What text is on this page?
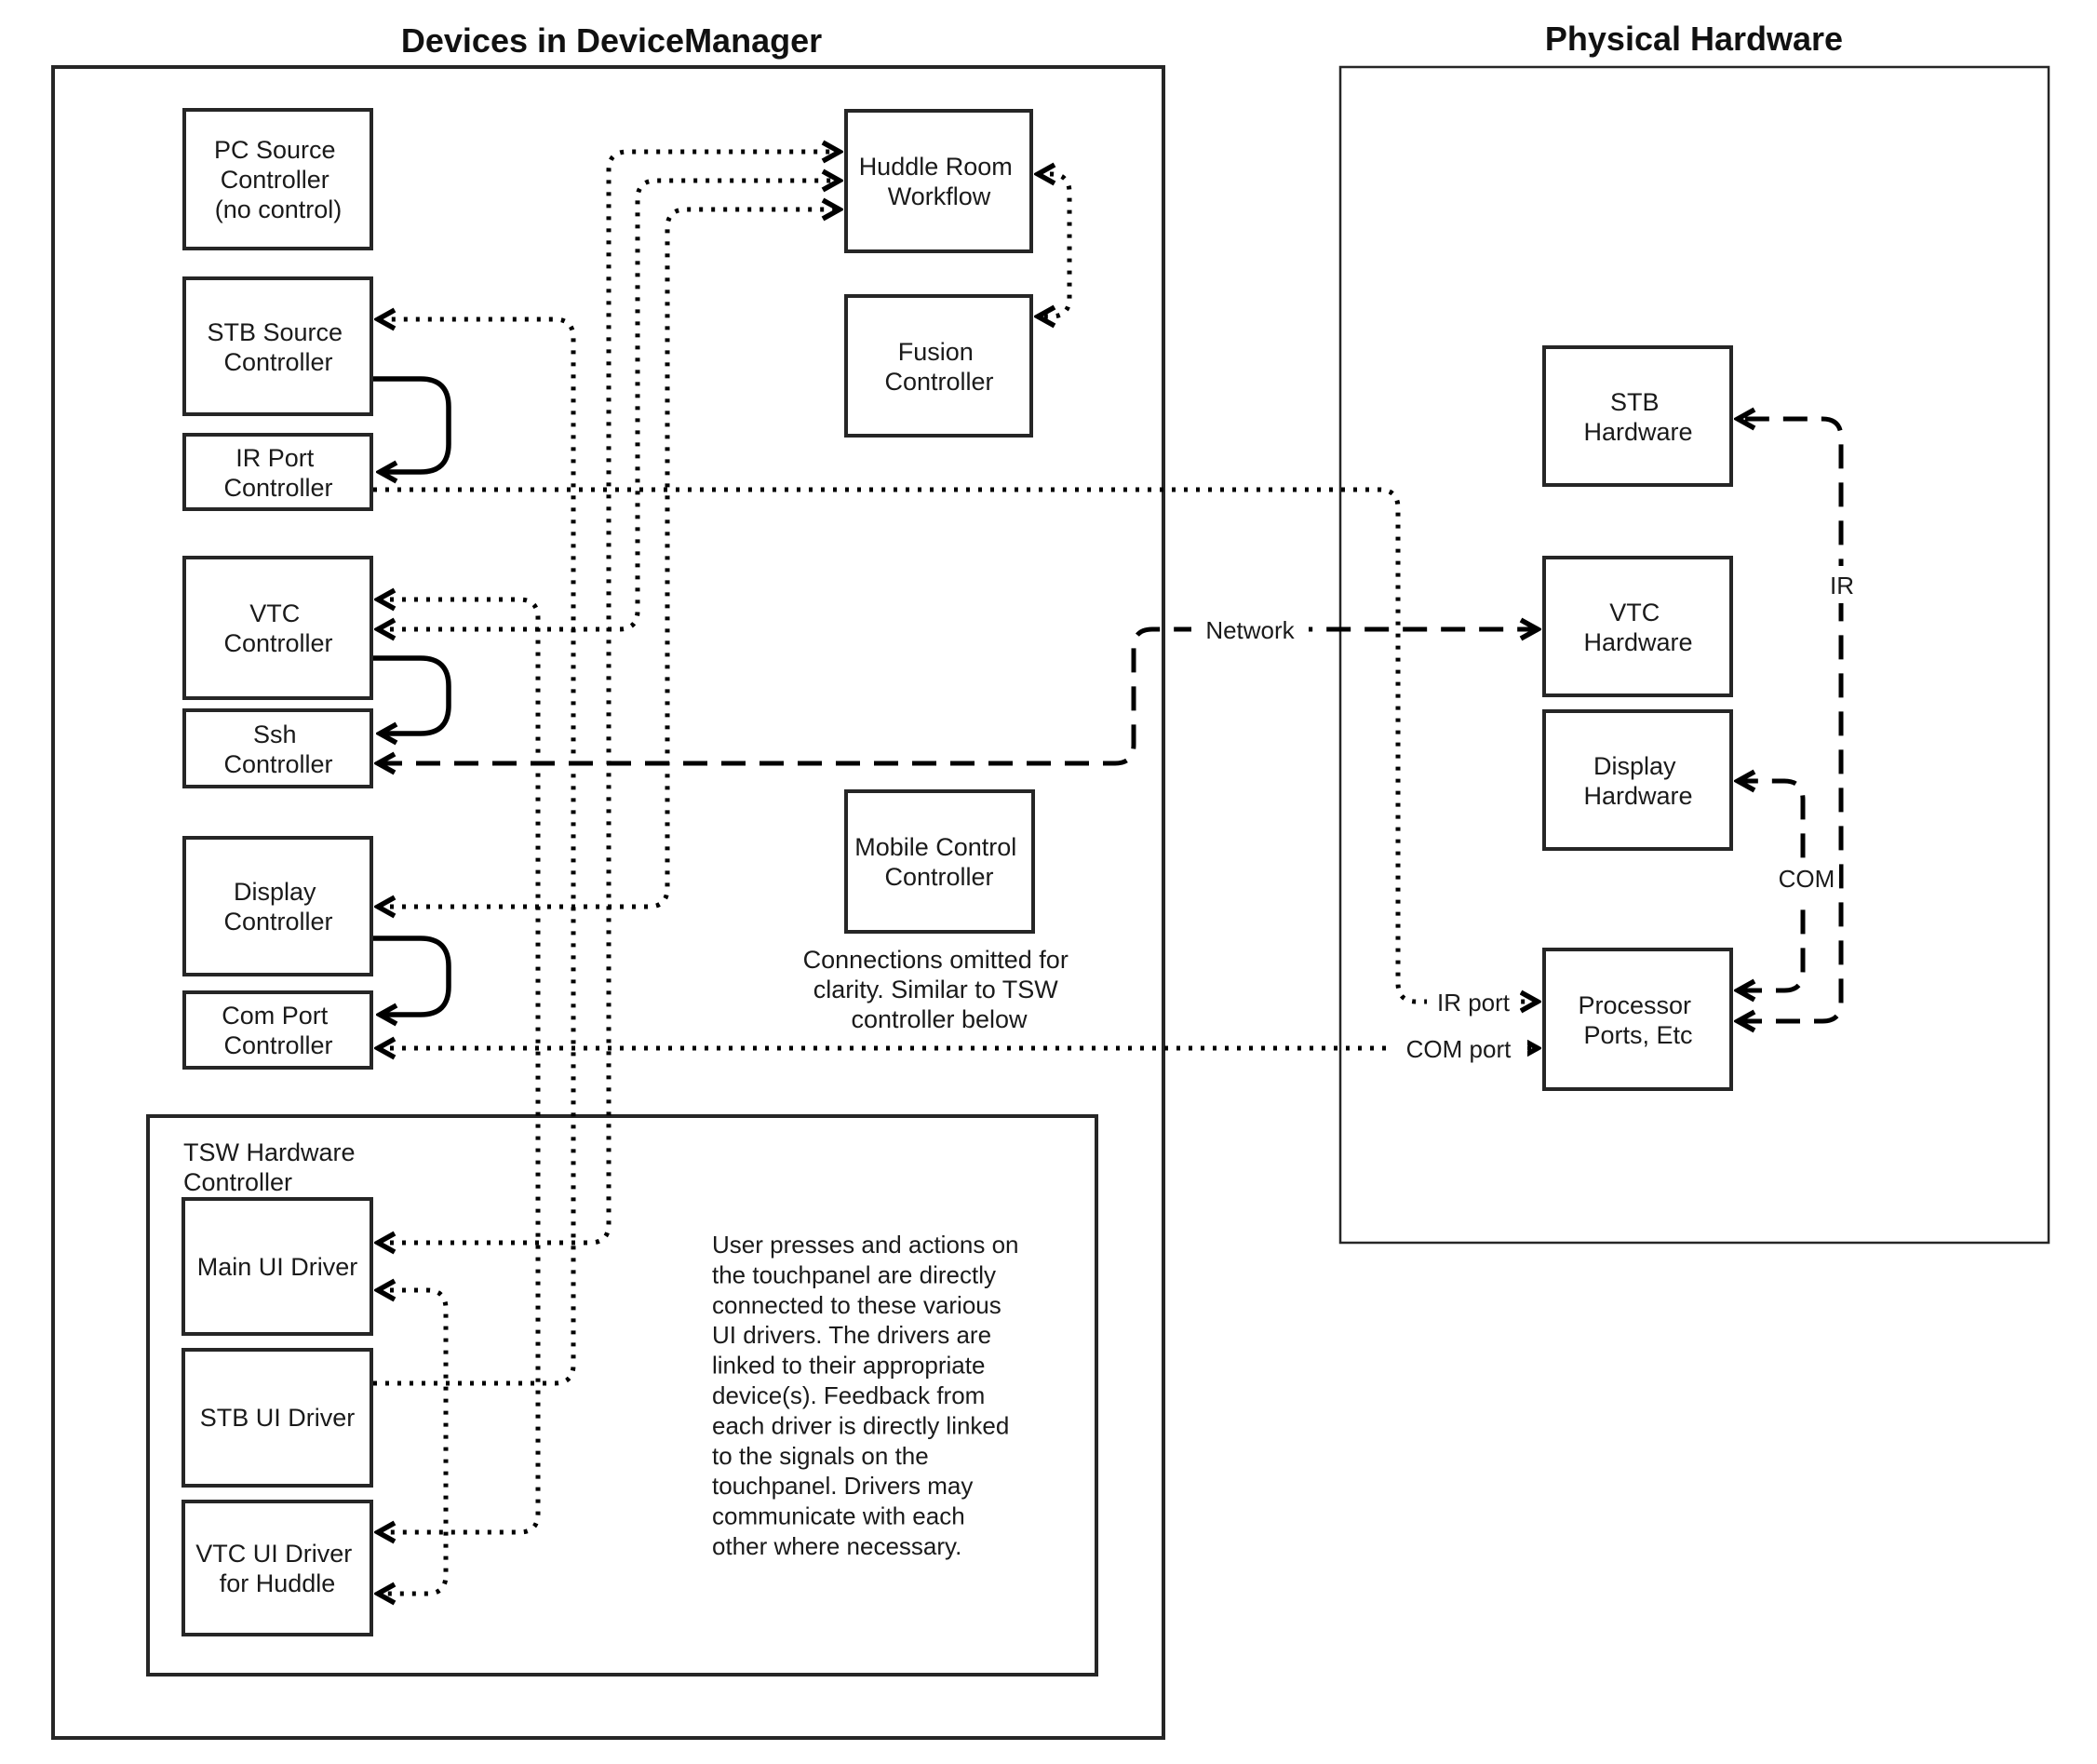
Devices in DeviceManager	Physical Hardware
TSW Hardware Controller
Network
IR
COM
IR port
COM port
PC Source Controller (no control)
STB Source Controller
IR Port Controller
VTC Controller
Ssh Controller
Display Controller
Com Port Controller
Huddle Room Workflow
Fusion Controller
Mobile Control Controller
Connections omitted for clarity. Similar to TSW controller below
Main UI Driver
STB UI Driver
VTC UI Driver for Huddle
User presses and actions on the touchpanel are directly connected to these various UI drivers. The drivers are linked to their appropriate device(s). Feedback from each driver is directly linked to the signals on the touchpanel. Drivers may communicate with each other where necessary.
STB Hardware
VTC Hardware
Display Hardware
Processor Ports, Etc
